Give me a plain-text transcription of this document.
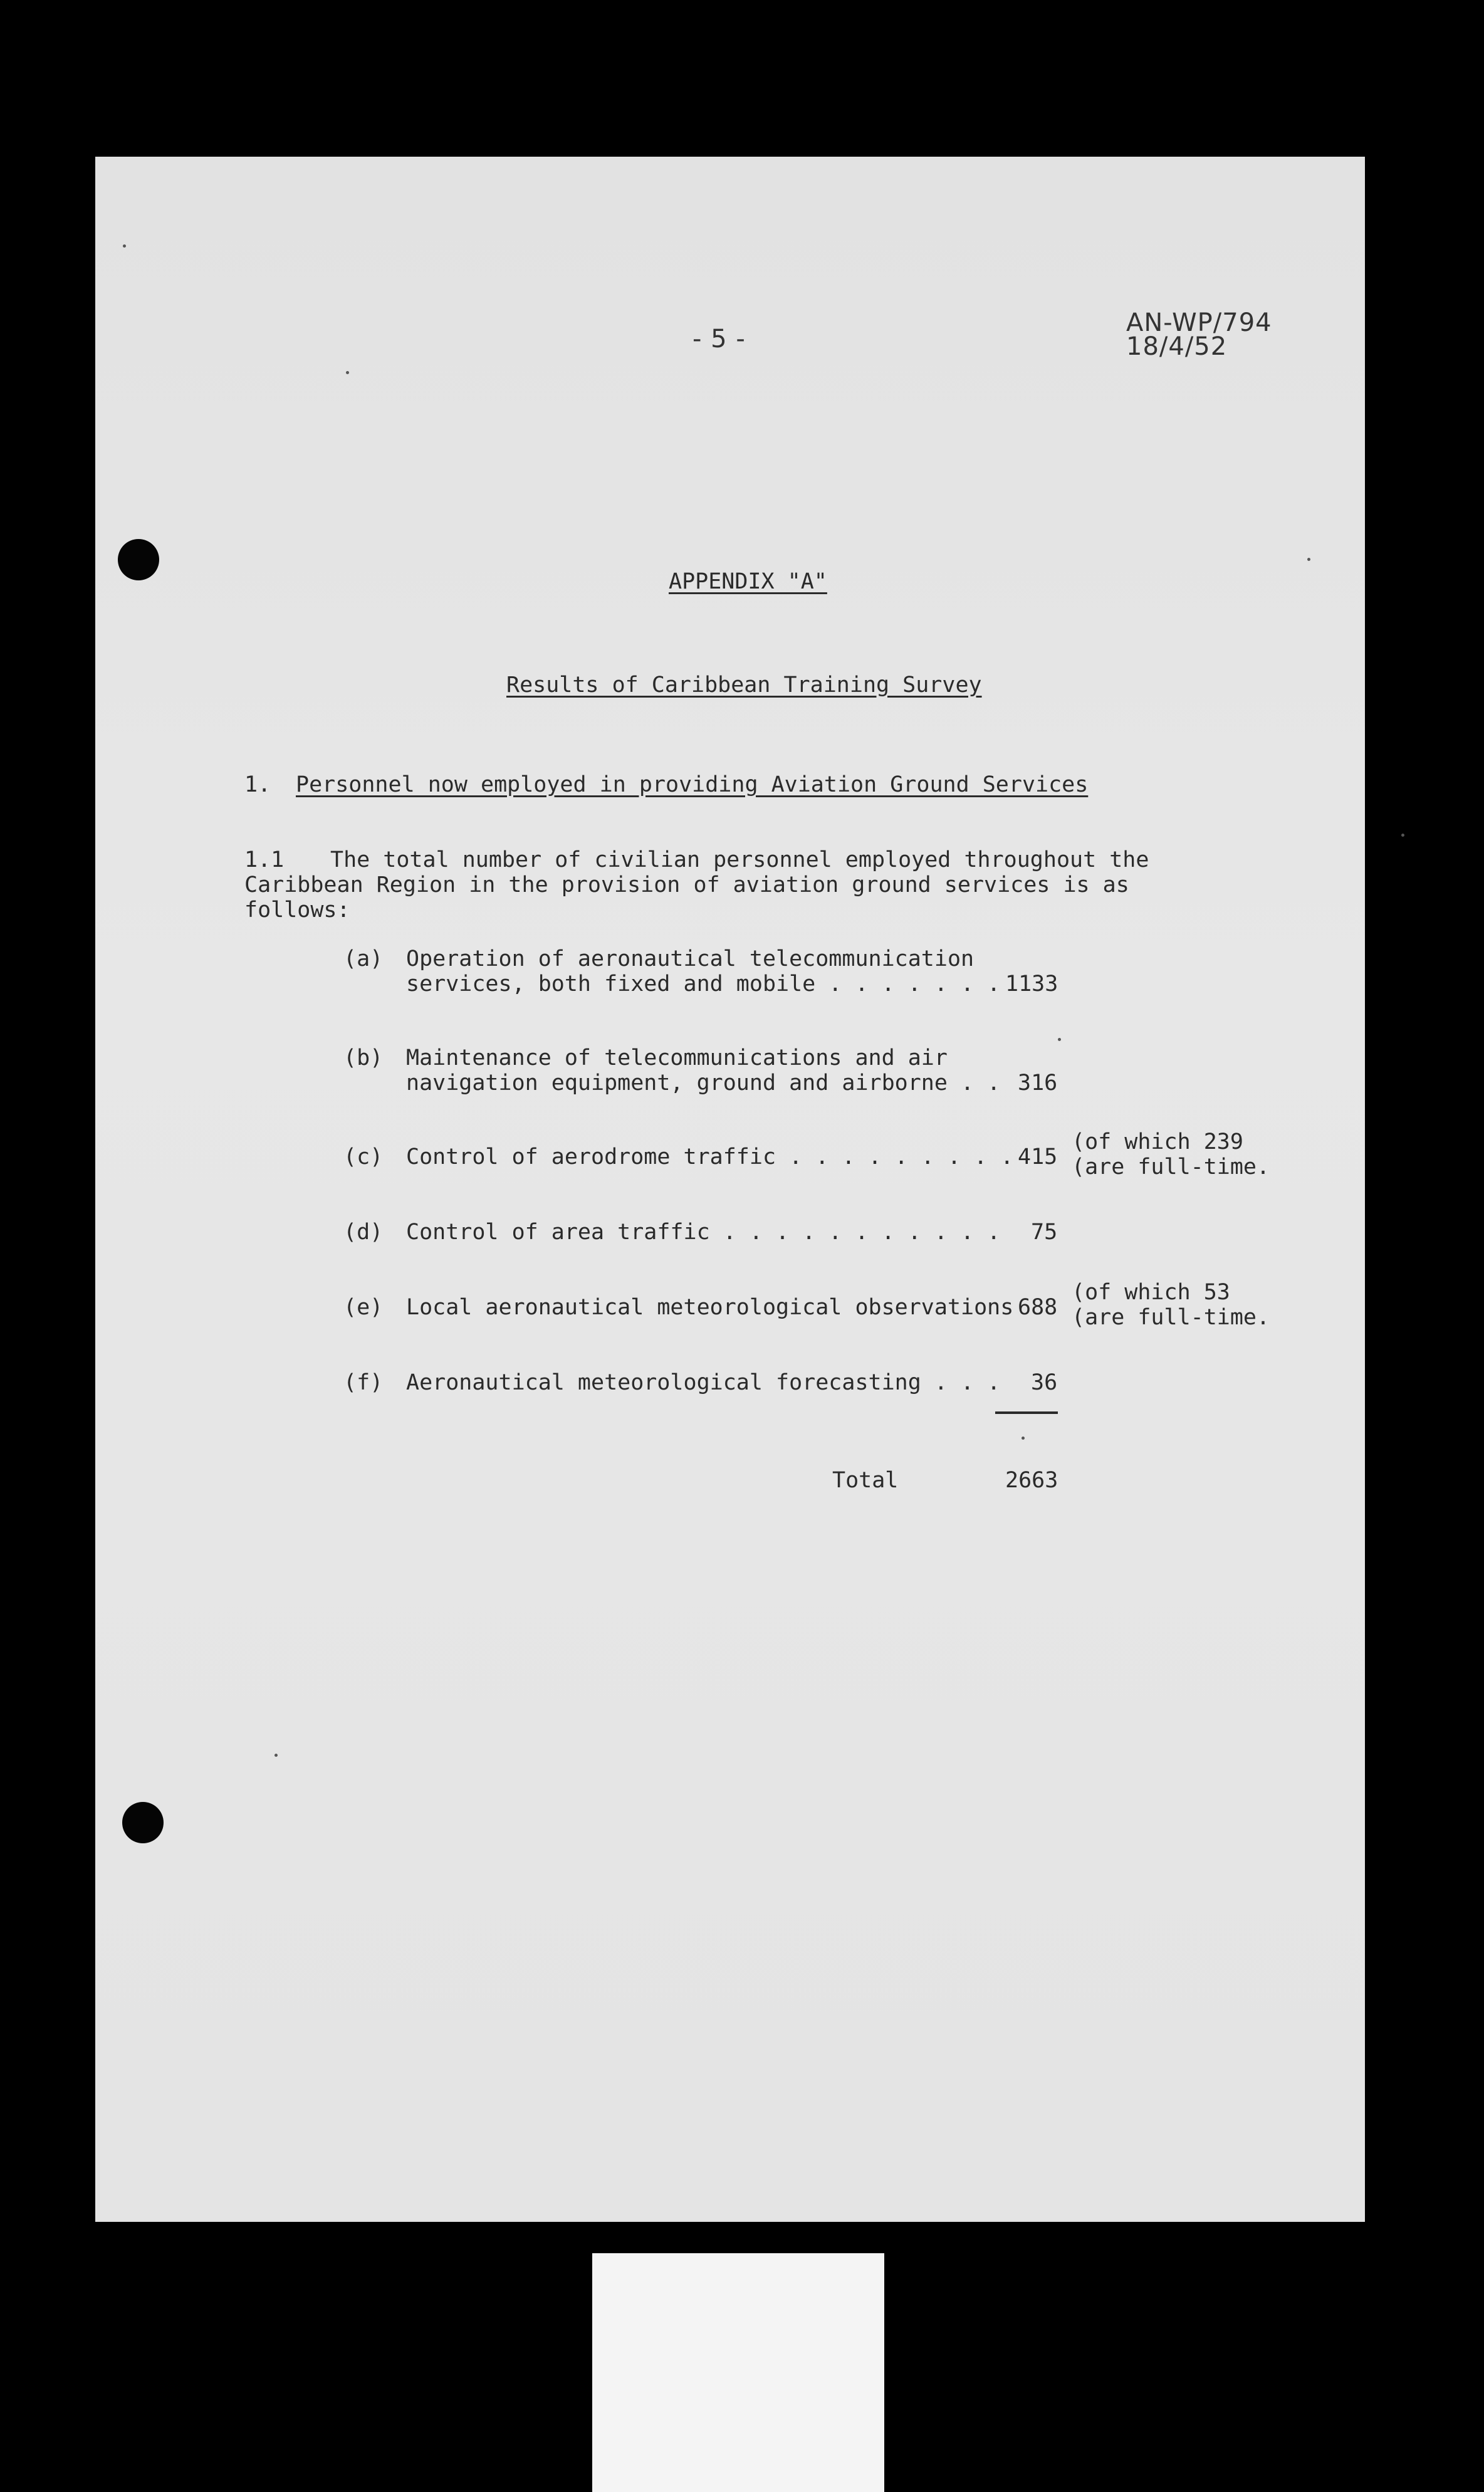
- 5 -
AN-WP/794
18/4/52
APPENDIX "A"
Results of Caribbean Training Survey
1. Personnel now employed in providing Aviation Ground Services
1.1 The total number of civilian personnel employed throughout the
Caribbean Region in the provision of aviation ground services is as
follows:
(a) Operation of aeronautical telecommunication
services, both fixed and mobile . . . . . . . 1133
(b) Maintenance of telecommunications and air
navigation equipment, ground and airborne . . 316
(c) Control of aerodrome traffic . . . . . . . . . 415
(of which 239
(are full-time.
(d) Control of area traffic . . . . . . . . . . . 75
(e) Local aeronautical meteorological observations 688
(of which 53
(are full-time.
(f) Aeronautical meteorological forecasting . . . 36
Total	2663
